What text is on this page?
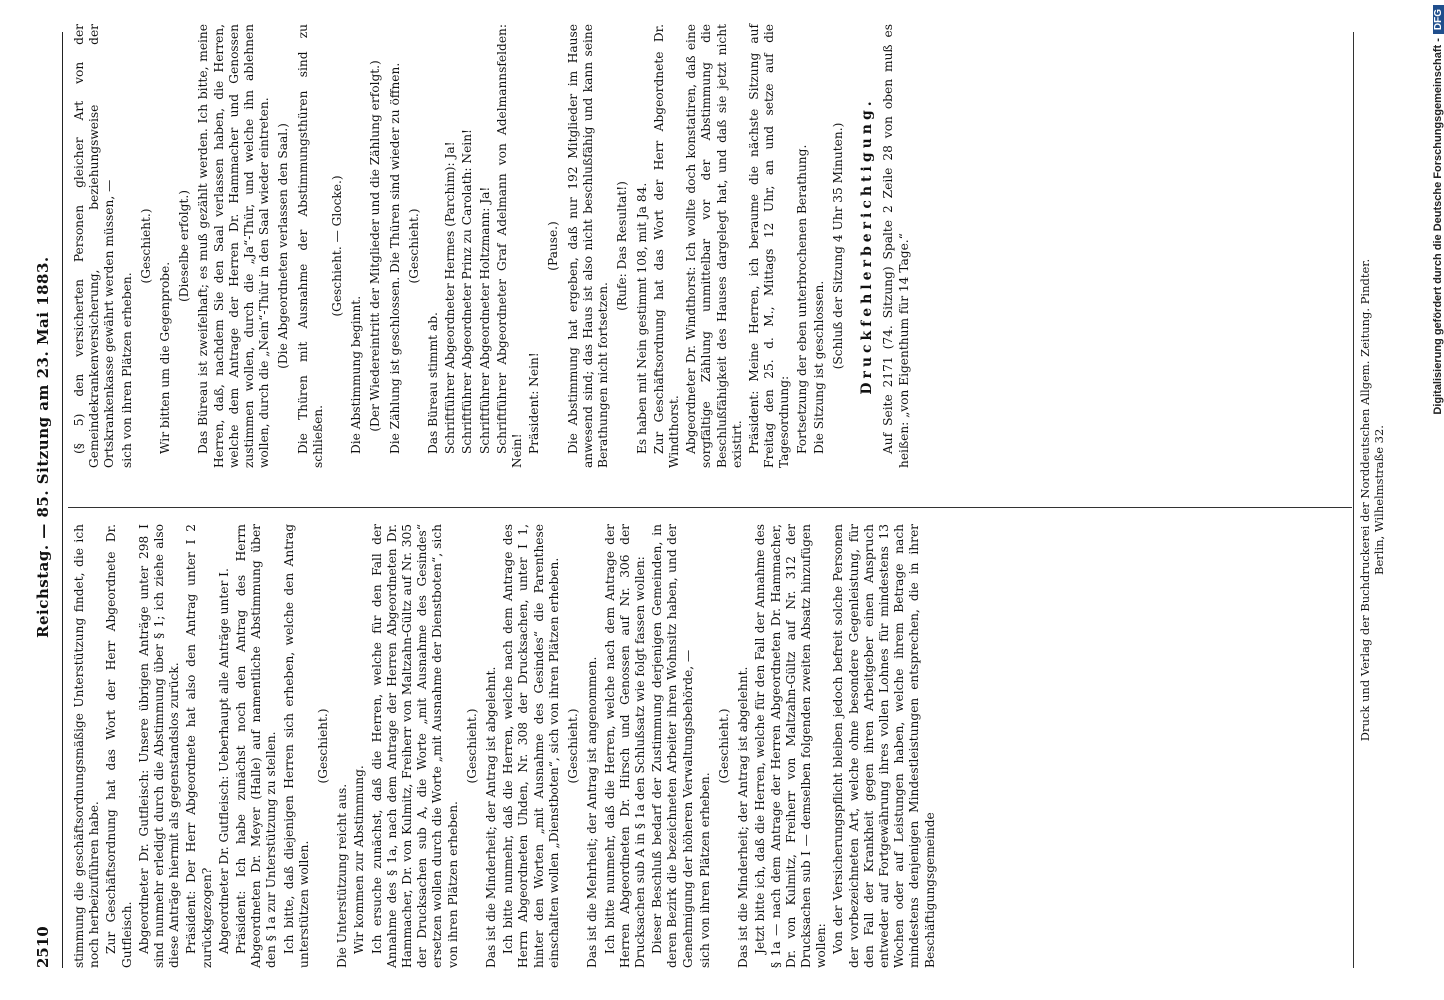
2510
Reichstag. — 85. Sitzung am 23. Mai 1883.

stimmung die geschäftsordnungsmäßige Unterstützung findet, die ich noch herbeizuführen habe. Zur Geschäftsordnung hat das Wort der Herr Abgeordnete Dr. Gutfleisch. Abgeordneter Dr. Gutfleisch: Unsere übrigen Anträge unter 298 I sind nunmehr erledigt durch die Abstimmung über § 1; ich ziehe also diese Anträge hiermit als gegenstandslos zurück. Präsident: Der Herr Abgeordnete hat also den Antrag unter I 2 zurückgezogen? Abgeordneter Dr. Gutfleisch: Ueberhaupt alle Anträge unter I. Präsident: Ich habe zunächst noch den Antrag des Herrn Abgeordneten Dr. Meyer (Halle) auf namentliche Abstimmung über den § 1a zur Unterstützung zu stellen. Ich bitte, daß diejenigen Herren sich erheben, welche den Antrag unterstützen wollen.

(Geschieht.)

Die Unterstützung reicht aus. Wir kommen zur Abstimmung. Ich ersuche zunächst, daß die Herren, welche für den Fall der Annahme des § 1a, nach dem Antrage der Herren Abgeordneten Dr. Hammacher, Dr. von Kulmitz, Freiherr von Maltzahn-Gültz auf Nr. 305 der Drucksachen sub A, die Worte „mit Ausnahme des Gesindes“ ersetzen wollen durch die Worte „mit Ausnahme der Dienstboten“, sich von ihren Plätzen erheben.

(Geschieht.) Das ist die Minderheit; der Antrag ist abgelehnt. Ich bitte nunmehr, daß die Herren, welche nach dem Antrage des Herrn Abgeordneten Uhden, Nr. 308 der Drucksachen, unter I 1, hinter den Worten „mit Ausnahme des Gesindes“ die Parenthese einschalten wollen „Dienstboten“, sich von ihren Plätzen erheben. (Geschieht.) Das ist die Mehrheit; der Antrag ist angenommen. Ich bitte nunmehr, daß die Herren, welche nach dem Antrage der Herren Abgeordneten Dr. Hirsch und Genossen auf Nr. 306 der Drucksachen sub A in § 1a den Schlußsatz wie folgt fassen wollen: Dieser Beschluß bedarf der Zustimmung derjenigen Gemeinden, in deren Bezirk die bezeichneten Arbeiter ihren Wohnsitz haben, und der Genehmigung der höheren Verwaltungsbehörde, — sich von ihren Plätzen erheben.

(Geschieht.) Das ist die Minderheit; der Antrag ist abgelehnt. Jetzt bitte ich, daß die Herren, welche für den Fall der Annahme des § 1a — nach dem Antrage der Herren Abgeordneten Dr. Hammacher, Dr. von Kulmitz, Freiherr von Maltzahn-Gültz auf Nr. 312 der Drucksachen sub I — demselben folgenden zweiten Absatz hinzufügen wollen: Von der Versicherungspflicht bleiben jedoch befreit solche Personen der vorbezeichneten Art, welche ohne besondere Gegenleistung, für den Fall der Krankheit gegen ihren Arbeitgeber einen Anspruch entweder auf Fortgewährung ihres vollen Lohnes für mindestens 13 Wochen oder auf Leistungen haben, welche ihrem Betrage nach mindestens denjenigen Mindestleistungen entsprechen, die in ihrer Beschäftigungsgemeinde

(§ 5) den versicherten Personen gleicher Art von der Gemeindekrankenversicherung, beziehungsweise der Ortskrankenkasse gewährt werden müssen, — sich von ihren Plätzen erheben.

(Geschieht.)

Wir bitten um die Gegenprobe.

(Dieselbe erfolgt.) Das Büreau ist zweifelhaft; es muß gezählt werden. Ich bitte, meine Herren, daß, nachdem Sie den Saal verlassen haben, die Herren, welche dem Antrage der Herren Dr. Hammacher und Genossen zustimmen wollen, durch die „Ja“-Thür, und welche ihn ablehnen wollen, durch die „Nein“-Thür in den Saal wieder eintreten. (Die Abgeordneten verlassen den Saal.) Die Thüren mit Ausnahme der Abstimmungsthüren sind zu schließen.

(Geschieht. — Glocke.)

Die Abstimmung beginnt. (Der Wiedereintritt der Mitglieder und die Zählung erfolgt.) Die Zählung ist geschlossen. Die Thüren sind wieder zu öffnen. (Geschieht.)

Das Büreau stimmt ab. Schriftführer Abgeordneter Hermes (Parchim): Ja! Schriftführer Abgeordneter Prinz zu Carolath: Nein! Schriftführer Abgeordneter Holtzmann: Ja! Schriftführer Abgeordneter Graf Adelmann von Adelmannsfelden: Nein! Präsident: Nein!

(Pause.) Die Abstimmung hat ergeben, daß nur 192 Mitglieder im Hause anwesend sind; das Haus ist also nicht beschlußfähig und kann seine Berathungen nicht fortsetzen.

(Rufe: Das Resultat!) Es haben mit Nein gestimmt 108, mit Ja 84. Zur Geschäftsordnung hat das Wort der Herr Abgeordnete Dr. Windthorst. Abgeordneter Dr. Windthorst: Ich wollte doch konstatiren, daß eine sorgfältige Zählung unmittelbar vor der Abstimmung die Beschlußfähigkeit des Hauses dargelegt hat, und daß sie jetzt nicht existirt. Präsident: Meine Herren, ich beraume die nächste Sitzung auf Freitag den 25. d. M., Mittags 12 Uhr, an und setze auf die Tagesordnung: Fortsetzung der eben unterbrochenen Berathung. Die Sitzung ist geschlossen. (Schluß der Sitzung 4 Uhr 35 Minuten.) Druckfehlerberichtigung. Auf Seite 2171 (74. Sitzung) Spalte 2 Zeile 28 von oben muß es heißen: „von Eigenthum für 14 Tage.“	Druck und Verlag der Buchdruckerei der Norddeutschen Allgem. Zeitung. Pindter. Berlin, Wilhelmstraße 32.
Digitalisierung gefördert durch die Deutsche Forschungsgemeinschaft -DFG
